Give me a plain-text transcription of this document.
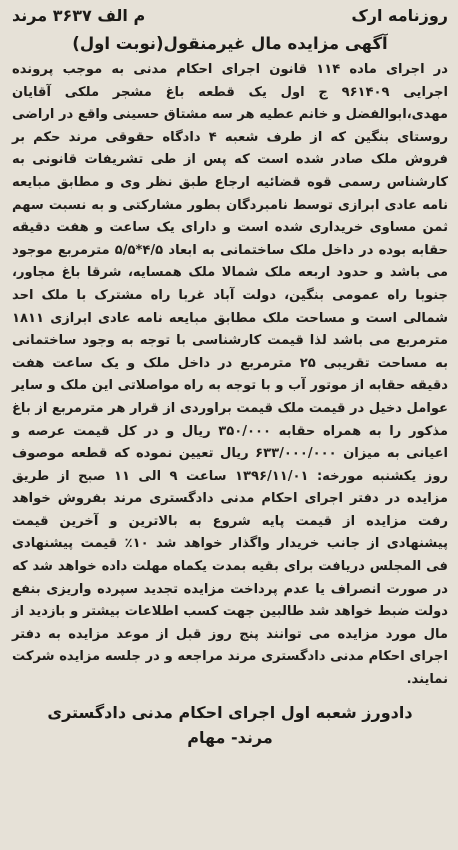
روزنامه ارک
م الف ۳۶۳۷ مرند
آگهی مزایده مال غیرمنقول(نوبت اول)

در اجرای ماده ۱۱۴ قانون اجرای احکام مدنی به موجب پرونده اجرایی ۹۶۱۴۰۹ ج اول یک قطعه باغ مشجر ملکی آقایان مهدی،ابوالفضل و خانم عطیه هر سه مشتاق حسینی واقع در اراضی روستای بنگین که از طرف شعبه ۴ دادگاه حقوقی مرند حکم بر فروش ملک صادر شده است که پس از طی تشریفات قانونی به کارشناس رسمی قوه قضائیه ارجاع طبق نظر وی و مطابق مبایعه نامه عادی ابرازی توسط نامبردگان بطور مشارکتی و به نسبت سهم ثمن مساوی خریداری شده است و دارای یک ساعت و هفت دقیقه حقابه بوده در داخل ملک ساختمانی به ابعاد ۴/۵*۵/۵ مترمربع موجود می باشد و حدود اربعه ملک شمالا ملک همسایه، شرقا باغ مجاور، جنوبا راه عمومی بنگین، دولت آباد غربا راه مشترک با ملک احد شمالی است و مساحت ملک مطابق مبایعه نامه عادی ابرازی ۱۸۱۱ مترمربع می باشد لذا قیمت کارشناسی با توجه به وجود ساختمانی به مساحت تقریبی ۲۵ مترمربع در داخل ملک و یک ساعت هفت دقیقه حقابه از موتور آب و با توجه به راه مواصلاتی این ملک و سایر عوامل دخیل در قیمت ملک قیمت براوردی از قرار هر مترمربع از باغ مذکور را به همراه حقابه ۳۵۰/۰۰۰ ریال و در کل قیمت عرصه و اعیانی به میزان ۶۳۳/۰۰۰/۰۰۰ ریال تعیین نموده که قطعه موصوف روز یکشنبه مورخه: ۱۳۹۶/۱۱/۰۱ ساعت ۹ الی ۱۱ صبح از طریق مزایده در دفتر اجرای احکام مدنی دادگستری مرند بفروش خواهد رفت مزایده از قیمت پایه شروع به بالاترین و آخرین قیمت پیشنهادی از جانب خریدار واگذار خواهد شد ۱۰٪ قیمت پیشنهادی فی المجلس دریافت برای بقیه بمدت یکماه مهلت داده خواهد شد که در صورت انصراف یا عدم پرداخت مزایده تجدید سپرده واریزی بنفع دولت ضبط خواهد شد طالبین جهت کسب اطلاعات بیشتر و بازدید از مال مورد مزایده می توانند پنج روز قبل از موعد مزایده به دفتر اجرای احکام مدنی دادگستری مرند مراجعه و در جلسه مزایده شرکت نمایند.

دادورز شعبه اول اجرای احکام مدنی دادگستری
مرند- مهام
